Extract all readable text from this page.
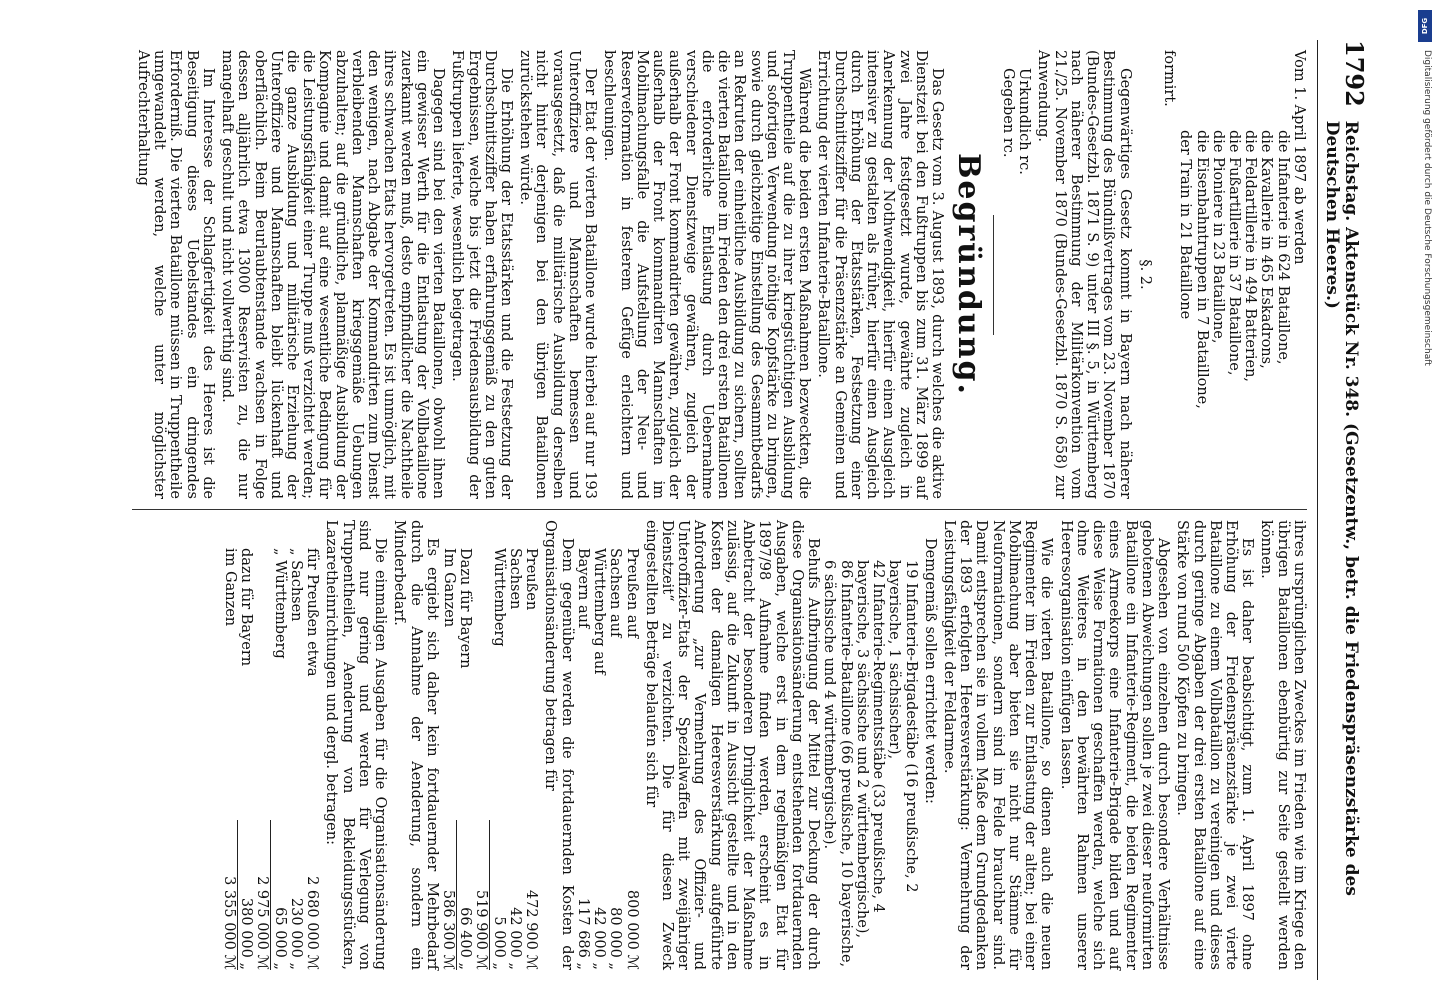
1792
Reichstag. Aktenstück Nr. 348. (Gesetzentw., betr. die Friedenspräsenzstärke des Deutschen Heeres.)
Vom 1. April 1897 ab werden
die Infanterie in 624 Bataillone,
die Kavallerie in 465 Eskadrons,
die Feldartillerie in 494 Batterien,
die Fußartillerie in 37 Bataillone,
die Pioniere in 23 Bataillone,
die Eisenbahntruppen in 7 Bataillone,
der Train in 21 Bataillone
formirt.
§. 2.

Gegenwärtiges Gesetz kommt in Bayern nach näherer Bestimmung des Bündnißvertrages vom 23. November 1870 (Bundes-Gesetzbl. 1871 S. 9) unter III §. 5, in Württemberg nach näherer Bestimmung der Militärkonvention vom 21./25. November 1870 (Bundes-Gesetzbl. 1870 S. 658) zur Anwendung.

Urkundlich rc.
Gegeben rc.
Begründung.

Das Gesetz vom 3. August 1893, durch welches die aktive Dienstzeit bei den Fußtruppen bis zum 31. März 1899 auf zwei Jahre festgesetzt wurde, gewährte zugleich in Anerkennung der Nothwendigkeit, hierfür einen Ausgleich intensiver zu gestalten als früher, hierfür einen Ausgleich durch Erhöhung der Etatsstärken, Festsetzung einer Durchschnittsziffer für die Präsenzstärke an Gemeinen und Errichtung der vierten Infanterie-Bataillone.

Während die beiden ersten Maßnahmen bezweckten, die Truppentheile auf die zu ihrer kriegstüchtigen Ausbildung und sofortigen Verwendung nöthige Kopfstärke zu bringen, sowie durch gleichzeitige Einstellung des Gesammtbedarfs an Rekruten der einheitliche Ausbildung zu sichern, sollten die vierten Bataillone im Frieden den drei ersten Bataillonen die erforderliche Entlastung durch Uebernahme verschiedener Dienstzweige gewähren, zugleich der außerhalb der Front kommandirten gewähren, zugleich der außerhalb der Front kommandirten Mannschaften im Mobilmachungsfalle die Aufstellung der Neu- und Reserveformation in festerem Gefüge erleichtern und beschleunigen.

Der Etat der vierten Bataillone wurde hierbei auf nur 193 Unteroffiziere und Mannschaften bemessen und vorausgesetzt, daß die militärische Ausbildung derselben nicht hinter derjenigen bei den übrigen Bataillonen zurückstehen würde.

Die Erhöhung der Etatsstärken und die Festsetzung der Durchschnittsziffer haben erfahrungsgemäß zu den guten Ergebnissen, welche bis jetzt die Friedensausbildung der Fußtruppen lieferte, wesentlich beigetragen.

Dagegen sind bei den vierten Bataillonen, obwohl ihnen ein gewisser Werth für die Entlastung der Vollbataillone zuerkannt werden muß, desto empfindlicher die Nachtheile ihres schwachen Etats hervorgetreten. Es ist unmöglich, mit den wenigen, nach Abgabe der Kommandirten zum Dienst verbleibenden Mannschaften kriegsgemäße Uebungen abzuhalten; auf die gründliche, planmäßige Ausbildung der Kompagnie und damit auf eine wesentliche Bedingung für die Leistungsfähigkeit einer Truppe muß verzichtet werden; die ganze Ausbildung und militärische Erziehung der Unteroffiziere und Mannschaften bleibt lückenhaft und oberflächlich. Beim Beurlaubtenstande wachsen in Folge dessen alljährlich etwa 13000 Reservisten zu, die nur mangelhaft geschult und nicht vollwerthig sind.

Im Interesse der Schlagfertigkeit des Heeres ist die Beseitigung dieses Uebelstandes ein dringendes Erforderniß. Die vierten Bataillone müssen in Truppentheile umgewandelt werden, welche unter möglichster Aufrechterhaltung

ihres ursprünglichen Zweckes im Frieden wie im Kriege den übrigen Bataillonen ebenbürtig zur Seite gestellt werden können.

Es ist daher beabsichtigt, zum 1. April 1897 ohne Erhöhung der Friedenspräsenzstärke je zwei vierte Bataillone zu einem Vollbataillon zu vereinigen und dieses durch geringe Abgaben der drei ersten Bataillone auf eine Stärke von rund 500 Köpfen zu bringen.

Abgesehen von einzelnen durch besondere Verhältnisse gebotenen Abweichungen sollen je zwei dieser neuformirten Bataillone ein Infanterie-Regiment, die beiden Regimenter eines Armeekorps eine Infanterie-Brigade bilden und auf diese Weise Formationen geschaffen werden, welche sich ohne Weiteres in den bewährten Rahmen unserer Heeresorganisation einfügen lassen.

Wie die vierten Bataillone, so dienen auch die neuen Regimenter im Frieden zur Entlastung der alten; bei einer Mobilmachung aber bieten sie nicht nur Stämme für Neuformationen, sondern sind im Felde brauchbar sind. Damit entsprechen sie in vollem Maße dem Grundgedanken der 1893 erfolgten Heeresverstärkung: Vermehrung der Leistungsfähigkeit der Feldarmee.

Demgemäß sollen errichtet werden:

19 Infanterie-Brigadestäbe (16 preußische, 2 bayerische, 1 sächsischer),
42 Infanterie-Regimentsstäbe (33 preußische, 4 bayerische, 3 sächsische und 2 württembergische),
86 Infanterie-Bataillone (66 preußische, 10 bayerische, 6 sächsische und 4 württembergische).

Behufs Aufbringung der Mittel zur Deckung der durch diese Organisationsänderung entstehenden fortdauernden Ausgaben, welche erst in dem regelmäßigen Etat für 1897/98 Aufnahme finden werden, erscheint es in Anbetracht der besonderen Dringlichkeit der Maßnahme zulässig, auf die Zukunft in Aussicht gestellte und in den Kosten der damaligen Heeresverstärkung aufgeführte Anforderung „zur Vermehrung des Offizier- und Unteroffizier-Etats der Spezialwaffen mit zweijähriger Dienstzeit“ zu verzichten. Die für diesen Zweck eingestellten Beträge belaufen sich für

Preußen auf
800 000 ℳ
Sachsen auf
80 000 „
Württemberg auf
42 000 „
Bayern auf
117 686 „

Dem gegenüber werden die fortdauernden Kosten der Organisationsänderung betragen für

Preußen
472 900 ℳ
Sachsen
42 000 „
Württemberg
5 000 „
519 900 ℳ
Dazu für Bayern
66 400 „
Im Ganzen
586 300 ℳ

Es ergiebt sich daher kein fortdauernder Mehrbedarf durch die Annahme der Aenderung, sondern ein Minderbedarf.

Die einmaligen Ausgaben für die Organisationsänderung sind nur gering und werden für Verlegung von Truppentheilen, Aenderung von Bekleidungsstücken, Lazaretheinrichtungen und dergl. betragen:

für Preußen etwa
2 680 000 ℳ
„ Sachsen
230 000 „
„ Württemberg
65 000 „
2 975 000 ℳ
dazu für Bayern
380 000 „
im Ganzen
3 355 000 ℳ
DFG
Digitalisierung gefördert durch die Deutsche Forschungsgemeinschaft
